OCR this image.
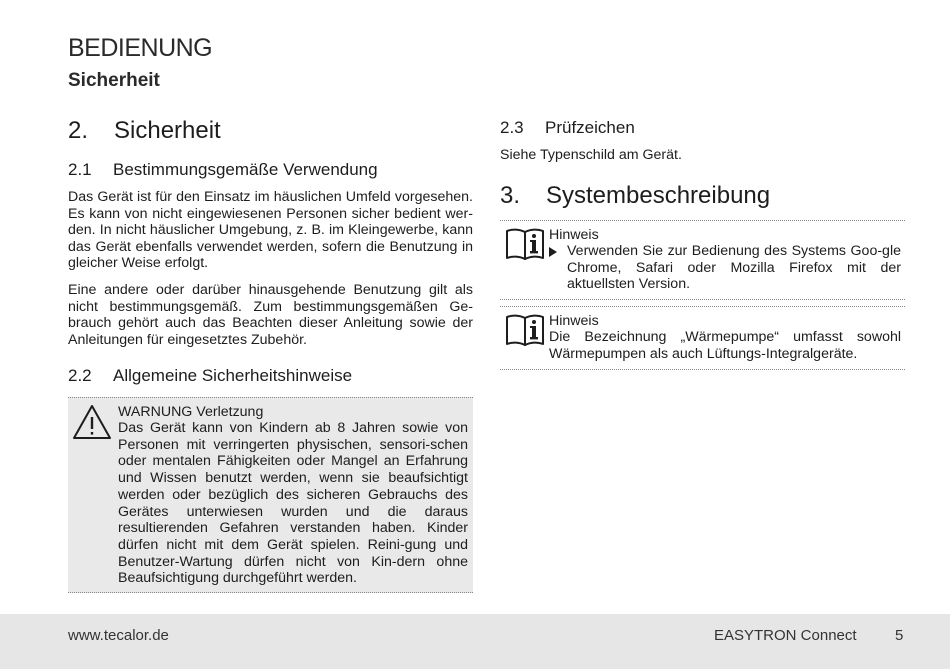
BEDIENUNG
Sicherheit
2. Sicherheit
2.1 Bestimmungsgemäße Verwendung

Das Gerät ist für den Einsatz im häuslichen Umfeld vorgesehen. Es kann von nicht eingewiesenen Personen sicher bedient wer-den. In nicht häuslicher Umgebung, z. B. im Kleingewerbe, kann das Gerät ebenfalls verwendet werden, sofern die Benutzung in gleicher Weise erfolgt.

Eine andere oder darüber hinausgehende Benutzung gilt als nicht bestimmungsgemäß. Zum bestimmungsgemäßen Ge-brauch gehört auch das Beachten dieser Anleitung sowie der Anleitungen für eingesetztes Zubehör.

2.2 Allgemeine Sicherheitshinweise

WARNUNG Verletzung

Das Gerät kann von Kindern ab 8 Jahren sowie von Personen mit verringerten physischen, sensori-schen oder mentalen Fähigkeiten oder Mangel an Erfahrung und Wissen benutzt werden, wenn sie beaufsichtigt werden oder bezüglich des sicheren Gebrauchs des Gerätes unterwiesen wurden und die daraus resultierenden Gefahren verstanden haben. Kinder dürfen nicht mit dem Gerät spielen. Reini-gung und Benutzer-Wartung dürfen nicht von Kin-dern ohne Beaufsichtigung durchgeführt werden.

2.3 Prüfzeichen

Siehe Typenschild am Gerät.

3. Systembeschreibung

Hinweis

Verwenden Sie zur Bedienung des Systems Goo-gle Chrome, Safari oder Mozilla Firefox mit der aktuellsten Version.

Hinweis

Die Bezeichnung „Wärmepumpe“ umfasst sowohl Wärmepumpen als auch Lüftungs-Integralgeräte.

www.tecalor.de	EASYTRON Connect	5
